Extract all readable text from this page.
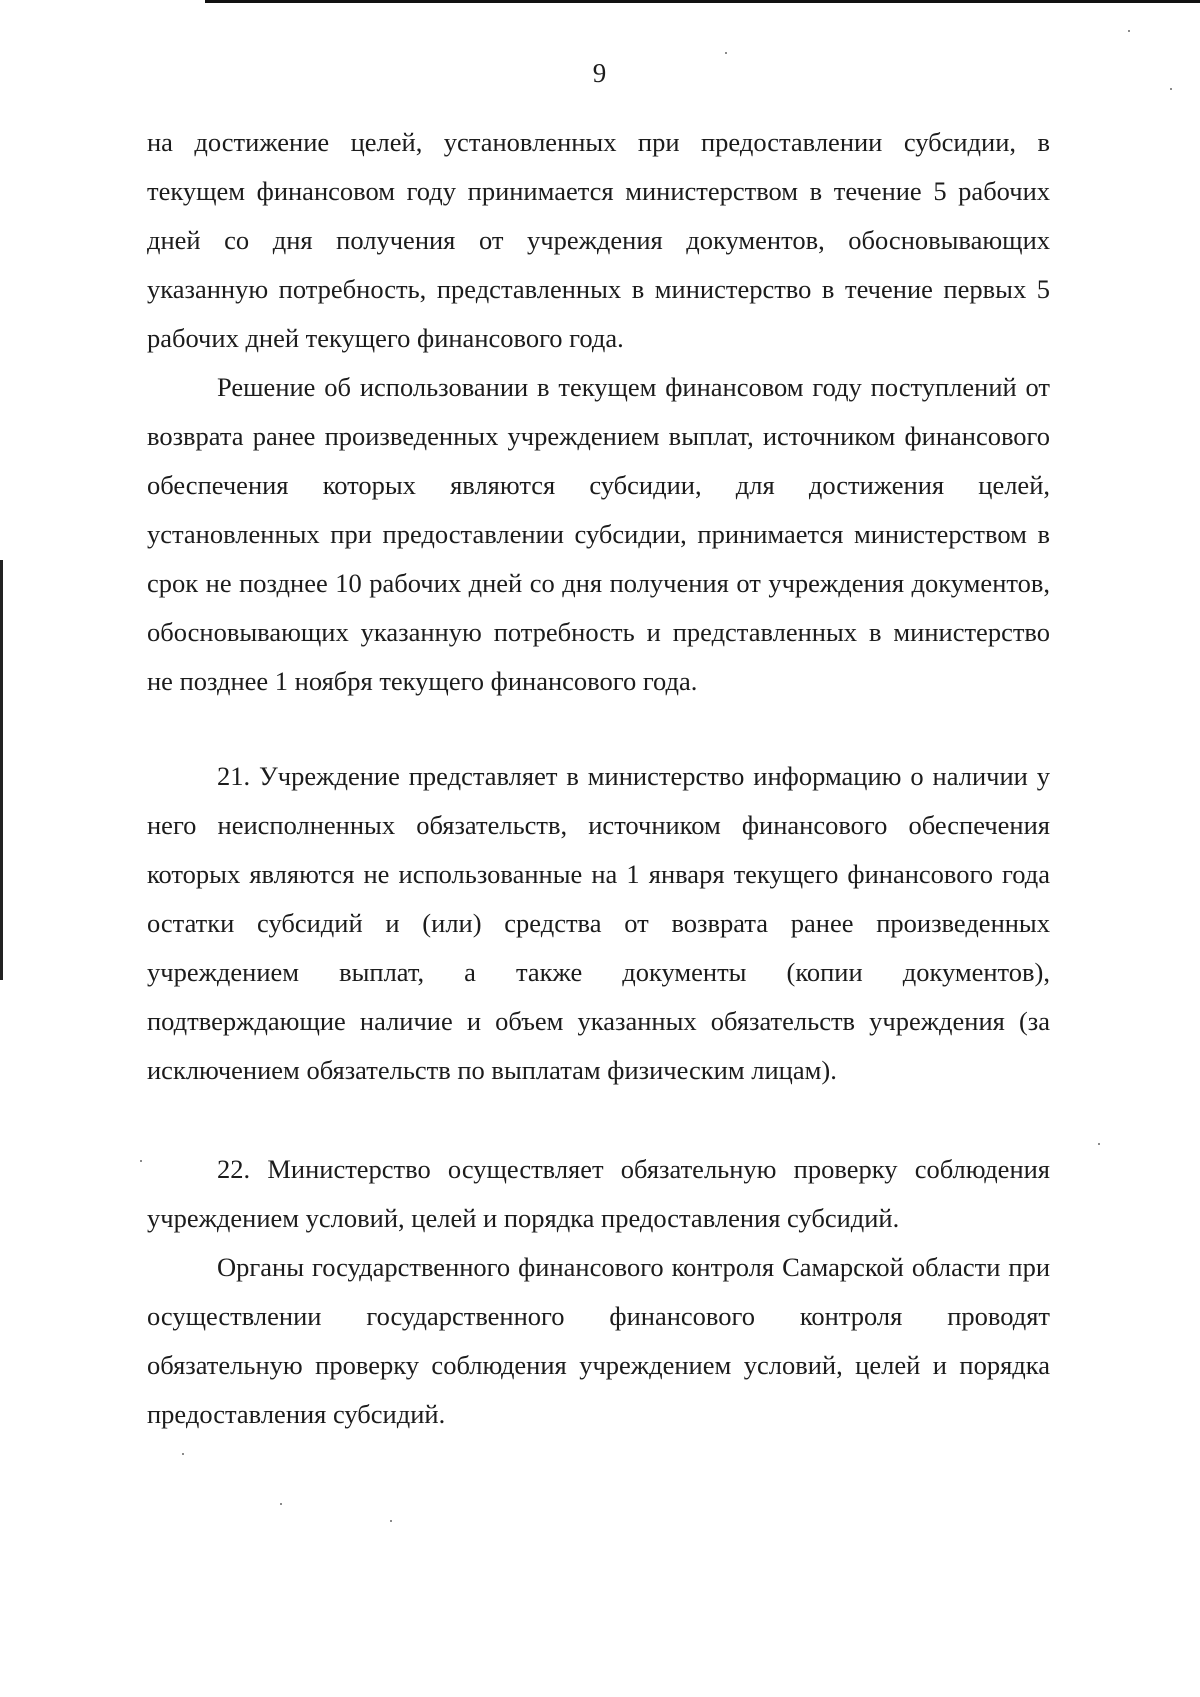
9

на достижение целей, установленных при предоставлении субсидии, в текущем финансовом году принимается министерством в течение 5 рабочих дней со дня получения от учреждения документов, обосновывающих указанную потребность, представленных в министерство в течение первых 5 рабочих дней текущего финансового года.

Решение об использовании в текущем финансовом году поступлений от возврата ранее произведенных учреждением выплат, источником финансового обеспечения которых являются субсидии, для достижения целей, установленных при предоставлении субсидии, принимается министерством в срок не позднее 10 рабочих дней со дня получения от учреждения документов, обосновывающих указанную потребность и представленных в министерство не позднее 1 ноября текущего финансового года.

21. Учреждение представляет в министерство информацию о наличии у него неисполненных обязательств, источником финансового обеспечения которых являются не использованные на 1 января текущего финансового года остатки субсидий и (или) средства от возврата ранее произведенных учреждением выплат, а также документы (копии документов), подтверждающие наличие и объем указанных обязательств учреждения (за исключением обязательств по выплатам физическим лицам).

22. Министерство осуществляет обязательную проверку соблюдения учреждением условий, целей и порядка предоставления субсидий.

Органы государственного финансового контроля Самарской области при осуществлении государственного финансового контроля проводят обязательную проверку соблюдения учреждением условий, целей и порядка предоставления субсидий.
